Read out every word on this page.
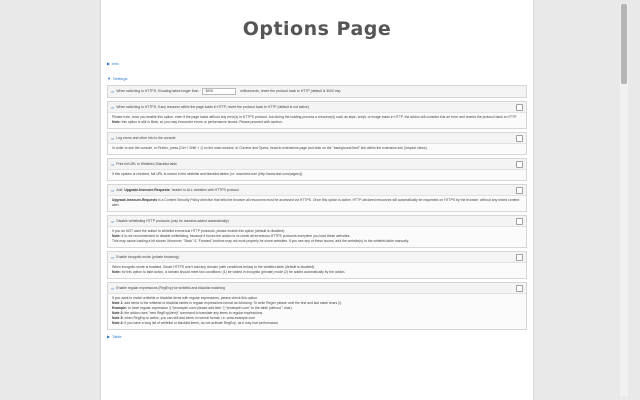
Options Page
▶ Info
▼ Settings
⇨ When switching to HTTPS, if loading takes longer than
3000	milliseconds, revert the protocol back to HTTP (default is 3000 ms).
⇨ When switching to HTTPS, if any resource within the page loads in HTTP, revert the protocol back to HTTP (default is not active)
Please note, once you enable this option, even if the page loads without any error(s) in HTTPS protocol, but during the loading process a resource(s) such as style, script, or image loads in HTTP, the addon will consider this an error and reverts the protocol back to HTTP.
Note: this option is still in Beta, so you may encounter errors or performance issues. Please proceed with caution.
⇨ Log errors and other info to the console
In order to see the console, in Firefox, press (Ctrl + Shift + J) on the main window. In Chrome and Opera, head to extensions page and click on the "background.html" link within the extension info (Inspect views).
⇨ Print full URL in Whitelist | Blacklist table
If this options is checked, full URL is shown in the whitelist and blacklist tables (i.e. www.test.com (http://www.test.com/pages/)).
⇨ Add Upgrade-Insecure-Requests header to ALL websites with HTTPS protocol
Upgrade-Insecure-Requests is a Content Security Policy directive that tells the browser all resources must be accessed via HTTPS. Once this option is active, HTTP-declared resources will automatically be requested on HTTPS by the browser, without any mixed content alert.
⇨ Disable whitelisting HTTP protocols (only for domains added automatically)
If you do NOT want the addon to whitelist erroneous HTTP protocols, please enable this option (default is disabled).
Note: it is not recommended to disable whitelisting, because it forces the addon to re-check all erroneous HTTPS protocols everytime you load these websites.
This may cause loading a bit slower. Moreover, "Back" & "Forward" buttons may not work properly for some websites. If you see any of these issues, add the website(s) to the whitelist table manually.
⇨ Enable incognito mode (private browsing)
When incognito mode is enabled, Smart HTTPS won't add any domain (with conditions below) to the whitelist table (default is disabled).
Note: for this option to take action, a domain should meet two conditions: (1) be visited in incognito (private) mode (2) be added automatically by the addon.
⇨ Enable regular expressions (RegExp) for whitelist and blacklist matching
If you want to match whitelist or blacklist items with regular expressions, please check this option.
Note 1: add items in the whitelist or blacklist tables in regular expressions format as following: To write Regex please omit the first and last slash chars (/).
Example: to have regular expression /(.*)example\.com/ please add item "(.*)example\.com" to the table (without " char).
Note 2: the addon uses "new RegExp(item)" command to translate any items to regular expressions.
Note 3: when RegExp is active, you can still add items in normal format, i.e. www.example.com
Note 4: if you have a long list of whitelist or blacklist items, do not activate RegExp, as it may hurt performance.
▶ Table
